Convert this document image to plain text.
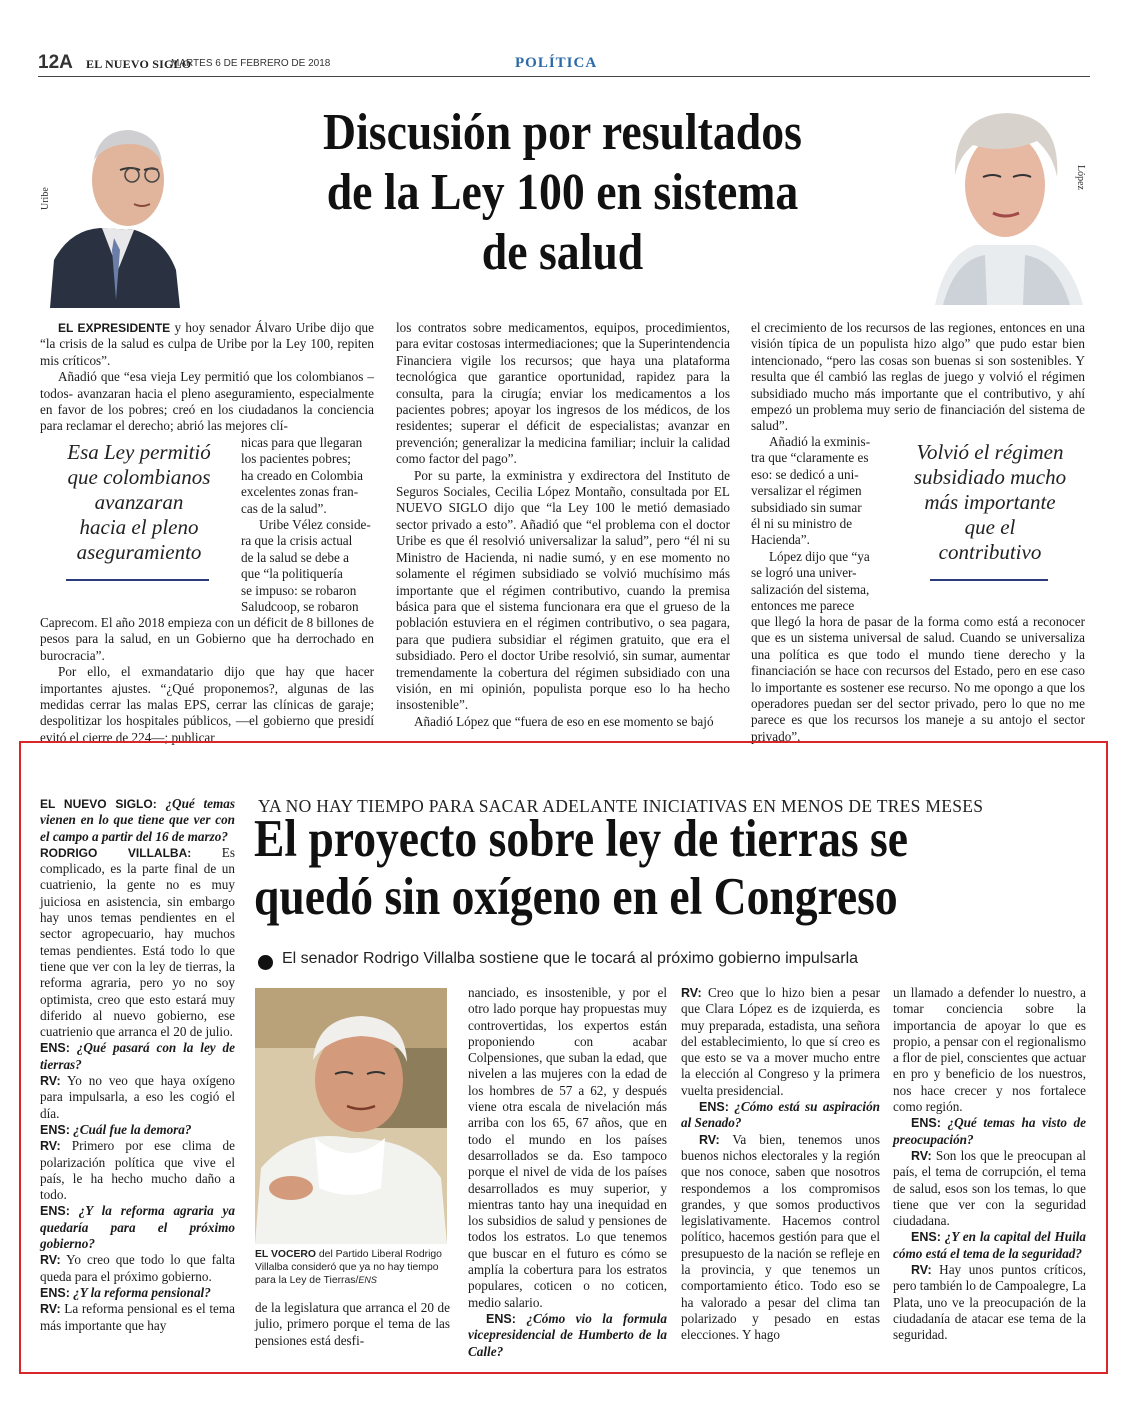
12A EL NUEVO SIGLO
MARTES 6 DE FEBRERO DE 2018	POLÍTICA
Uribe
López
Discusión por resultados
de la Ley 100 en sistema
de salud

EL EXPRESIDENTE y hoy senador Álvaro Uribe dijo que “la crisis de la salud es culpa de Uribe por la Ley 100, repiten mis críticos”.

Añadió que “esa vieja Ley permitió que los colombianos –todos- avanzaran hacia el pleno aseguramiento, especialmente en favor de los pobres; creó en los ciudadanos la conciencia para reclamar el derecho; abrió las mejores clí-

nicas para que llegaran
los pacientes pobres;
ha creado en Colombia
excelentes zonas fran-
cas de la salud”.
Uribe Vélez conside-
ra que la crisis actual
de la salud se debe a
que “la politiquería
se impuso: se robaron
Saludcoop, se robaron

Caprecom. El año 2018 empieza con un déficit de 8 billones de pesos para la salud, en un Gobierno que ha derrochado en burocracia”.

Por ello, el exmandatario dijo que hay que hacer importantes ajustes. “¿Qué proponemos?, algunas de las medidas cerrar las malas EPS, cerrar las clínicas de garaje; despolitizar los hospitales públicos, —el gobierno que presidí evitó el cierre de 224—; publicar

Esa Ley permitió
que colombianos
avanzaran
hacia el pleno
aseguramiento

los contratos sobre medicamentos, equipos, procedimientos, para evitar costosas intermediaciones; que la Superintendencia Financiera vigile los recursos; que haya una plataforma tecnológica que garantice oportunidad, rapidez para la consulta, para la cirugía; enviar los medicamentos a los pacientes pobres; apoyar los ingresos de los médicos, de los residentes; superar el déficit de especialistas; avanzar en prevención; generalizar la medicina familiar; incluir la calidad como factor del pago”.

Por su parte, la exministra y exdirectora del Instituto de Seguros Sociales, Cecilia López Montaño, consultada por EL NUEVO SIGLO dijo que “la Ley 100 le metió demasiado sector privado a esto”. Añadió que “el problema con el doctor Uribe es que él resolvió universalizar la salud”, pero “él ni su Ministro de Hacienda, ni nadie sumó, y en ese momento no solamente el régimen subsidiado se volvió muchísimo más importante que el régimen contributivo, cuando la premisa básica para que el sistema funcionara era que el grueso de la población estuviera en el régimen contributivo, o sea pagara, para que pudiera subsidiar el régimen gratuito, que era el subsidiado. Pero el doctor Uribe resolvió, sin sumar, aumentar tremendamente la cobertura del régimen subsidiado con una visión, en mi opinión, populista porque eso lo ha hecho insostenible”.

Añadió López que “fuera de eso en ese momento se bajó

el crecimiento de los recursos de las regiones, entonces en una visión típica de un populista hizo algo” que pudo estar bien intencionado, “pero las cosas son buenas si son sostenibles. Y resulta que él cambió las reglas de juego y volvió el régimen subsidiado mucho más importante que el contributivo, y ahí empezó un problema muy serio de financiación del sistema de salud”.

Añadió la exminis-
tra que “claramente es
eso: se dedicó a uni-
versalizar el régimen
subsidiado sin sumar
él ni su ministro de
Hacienda”.
López dijo que “ya
se logró una univer-
salización del sistema,
entonces me parece

que llegó la hora de pasar de la forma como está a reconocer que es un sistema universal de salud. Cuando se universaliza una política es que todo el mundo tiene derecho y la financiación se hace con recursos del Estado, pero en ese caso lo importante es sostener ese recurso. No me opongo a que los operadores puedan ser del sector privado, pero lo que no me parece es que los recursos los maneje a su antojo el sector privado”.

Volvió el régimen
subsidiado mucho
más importante
que el
contributivo
EL NUEVO SIGLO: ¿Qué temas vienen en lo que tiene que ver con el campo a partir del 16 de marzo?
RODRIGO VILLALBA: Es complicado, es la parte final de un cuatrienio, la gente no es muy juiciosa en asistencia, sin embargo hay unos temas pendientes en el sector agropecuario, hay muchos temas pendientes. Está todo lo que tiene que ver con la ley de tierras, la reforma agraria, pero yo no soy optimista, creo que esto estará muy diferido al nuevo gobierno, ese cuatrienio que arranca el 20 de julio.
ENS: ¿Qué pasará con la ley de tierras?
RV: Yo no veo que haya oxígeno para impulsarla, a eso les cogió el día.
ENS: ¿Cuál fue la demora?
RV: Primero por ese clima de polarización política que vive el país, le ha hecho mucho daño a todo.
ENS: ¿Y la reforma agraria ya quedaría para el próximo gobierno?
RV: Yo creo que todo lo que falta queda para el próximo gobierno.
ENS: ¿Y la reforma pensional?
RV: La reforma pensional es el tema más importante que hay
YA NO HAY TIEMPO PARA SACAR ADELANTE INICIATIVAS EN MENOS DE TRES MESES
El proyecto sobre ley de tierras se
quedó sin oxígeno en el Congreso
El senador Rodrigo Villalba sostiene que le tocará al próximo gobierno impulsarla
EL VOCERO del Partido Liberal Rodrigo Villalba consideró que ya no hay tiempo para la Ley de Tierras/ENS
de la legislatura que arranca el 20 de julio, primero porque el tema de las pensiones está desfi-
nanciado, es insostenible, y por el otro lado porque hay propuestas muy controvertidas, los expertos están proponiendo con acabar Colpensiones, que suban la edad, que nivelen a las mujeres con la edad de los hombres de 57 a 62, y después viene otra escala de nivelación más arriba con los 65, 67 años, que en todo el mundo en los países desarrollados se da. Eso tampoco porque el nivel de vida de los países desarrollados es muy superior, y mientras tanto hay una inequidad en los subsidios de salud y pensiones de todos los estratos. Lo que tenemos que buscar en el futuro es cómo se amplía la cobertura para los estratos populares, coticen o no coticen, medio salario.
ENS: ¿Cómo vio la formula vicepresidencial de Humberto de la Calle?
RV: Creo que lo hizo bien a pesar que Clara López es de izquierda, es muy preparada, estadista, una señora del establecimiento, lo que sí creo es que esto se va a mover mucho entre la elección al Congreso y la primera vuelta presidencial.
ENS: ¿Cómo está su aspiración al Senado?
RV: Va bien, tenemos unos buenos nichos electorales y la región que nos conoce, saben que nosotros respondemos a los compromisos grandes, y que somos productivos legislativamente. Hacemos control político, hacemos gestión para que el presupuesto de la nación se refleje en la provincia, y que tenemos un comportamiento ético. Todo eso se ha valorado a pesar del clima tan polarizado y pesado en estas elecciones. Y hago
un llamado a defender lo nuestro, a tomar conciencia sobre la importancia de apoyar lo que es propio, a pensar con el regionalismo a flor de piel, conscientes que actuar en pro y beneficio de los nuestros, nos hace crecer y nos fortalece como región.
ENS: ¿Qué temas ha visto de preocupación?
RV: Son los que le preocupan al país, el tema de corrupción, el tema de salud, esos son los temas, lo que tiene que ver con la seguridad ciudadana.
ENS: ¿Y en la capital del Huila cómo está el tema de la seguridad?
RV: Hay unos puntos críticos, pero también lo de Campoalegre, La Plata, uno ve la preocupación de la ciudadanía de atacar ese tema de la seguridad.
